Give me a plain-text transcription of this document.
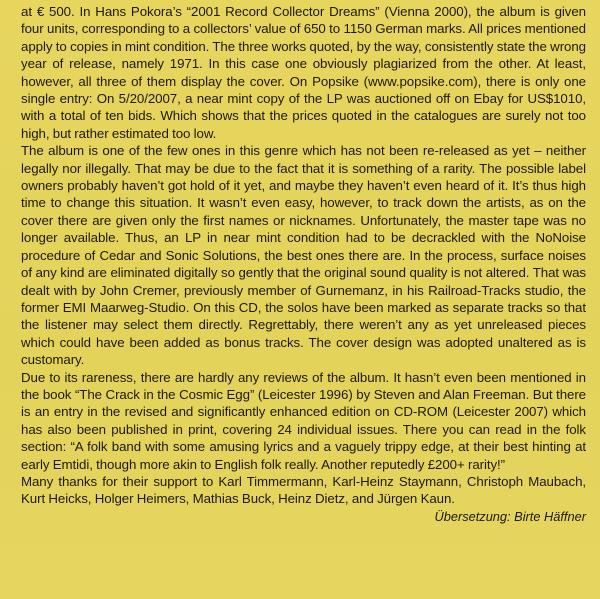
at € 500. In Hans Pokora’s “2001 Record Collector Dreams” (Vienna 2000), the album is given four units, corresponding to a collectors’ value of 650 to 1150 German marks. All prices mentioned apply to copies in mint condition. The three works quoted, by the way, consistently state the wrong year of release, namely 1971. In this case one obviously plagiarized from the other. At least, however, all three of them display the cover. On Popsike (www.popsike.com), there is only one single entry: On 5/20/2007, a near mint copy of the LP was auctioned off on Ebay for US$1010, with a total of ten bids. Which shows that the prices quoted in the catalogues are surely not too high, but rather estimated too low.

The album is one of the few ones in this genre which has not been re-released as yet – neither legally nor illegally. That may be due to the fact that it is something of a rarity. The possible label owners probably haven’t got hold of it yet, and maybe they haven’t even heard of it. It’s thus high time to change this situation. It wasn’t even easy, however, to track down the artists, as on the cover there are given only the first names or nicknames. Unfortunately, the master tape was no longer available. Thus, an LP in near mint condition had to be decrackled with the NoNoise procedure of Cedar and Sonic Solutions, the best ones there are. In the process, surface noises of any kind are eliminated digitally so gently that the original sound quality is not altered. That was dealt with by John Cremer, previously member of Gurnemanz, in his Railroad-Tracks studio, the former EMI Maarweg-Studio. On this CD, the solos have been marked as separate tracks so that the listener may select them directly. Regrettably, there weren’t any as yet unreleased pieces which could have been added as bonus tracks. The cover design was adopted unaltered as is customary.

Due to its rareness, there are hardly any reviews of the album. It hasn’t even been mentioned in the book “The Crack in the Cosmic Egg” (Leicester 1996) by Steven and Alan Freeman. But there is an entry in the revised and significantly enhanced edition on CD-ROM (Leicester 2007) which has also been published in print, covering 24 individual issues. There you can read in the folk section: “A folk band with some amusing lyrics and a vaguely trippy edge, at their best hinting at early Emtidi, though more akin to English folk really. Another reputedly £200+ rarity!”

Many thanks for their support to Karl Timmermann, Karl-Heinz Staymann, Christoph Maubach, Kurt Heicks, Holger Heimers, Mathias Buck, Heinz Dietz, and Jürgen Kaun.

Übersetzung: Birte Häffner
